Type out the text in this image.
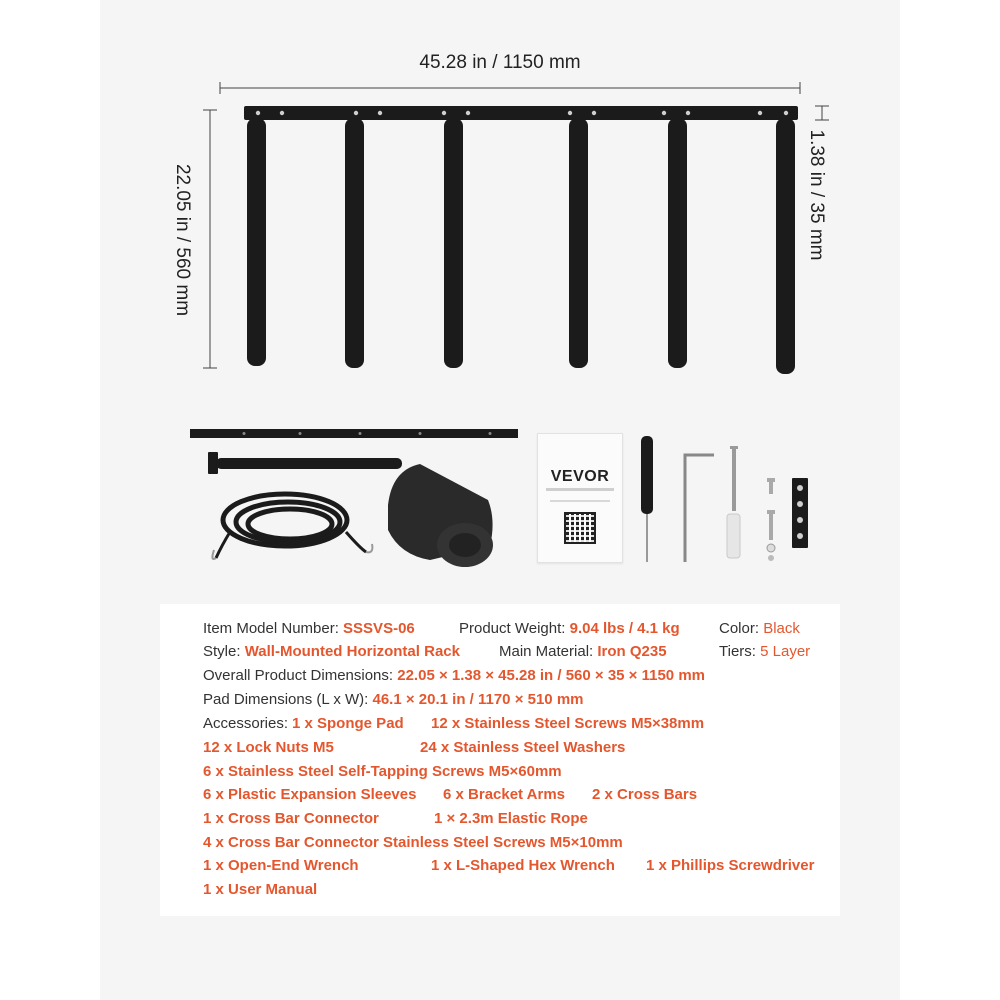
45.28 in / 1150 mm
22.05 in / 560 mm	1.38 in / 35 mm
VEVOR
Item Model Number: SSSVS-06	Product Weight: 9.04 lbs / 4.1 kg	Color: Black
Style: Wall-Mounted Horizontal Rack	Main Material: Iron Q235	Tiers: 5 Layer
Overall Product Dimensions: 22.05 × 1.38 × 45.28 in / 560 × 35 × 1150 mm
Pad Dimensions (L x W): 46.1 × 20.1 in / 1170 × 510 mm
Accessories: 1 x Sponge Pad 12 x Stainless Steel Screws M5×38mm
12 x Lock Nuts M5	24 x Stainless Steel Washers
6 x Stainless Steel Self-Tapping Screws M5×60mm
6 x Plastic Expansion Sleeves 6 x Bracket Arms 2 x Cross Bars
1 x Cross Bar Connector	1 × 2.3m Elastic Rope
4 x Cross Bar Connector Stainless Steel Screws M5×10mm
1 x Open-End Wrench	1 x L-Shaped Hex Wrench 1 x Phillips Screwdriver
1 x User Manual
